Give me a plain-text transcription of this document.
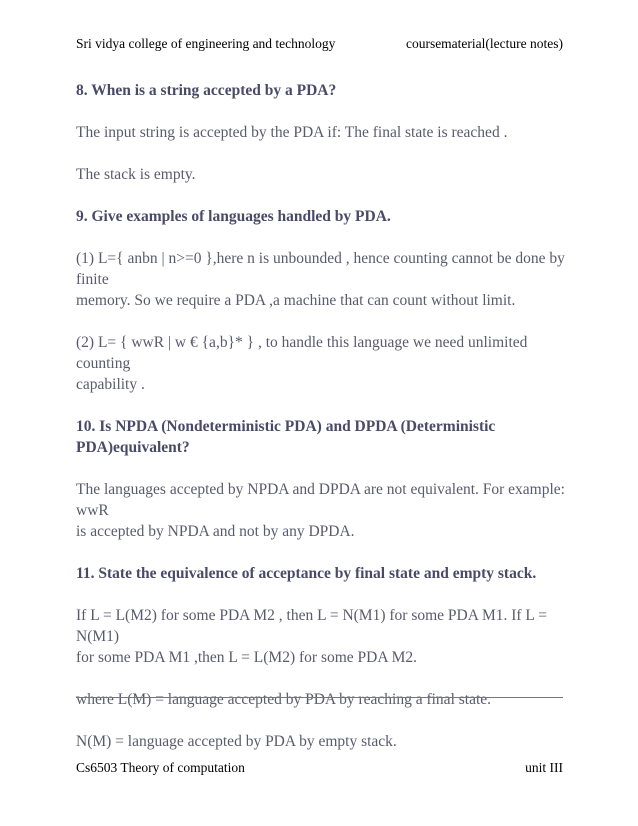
Sri vidya college of engineering and technology	coursematerial(lecture notes)

8. When is a string accepted by a PDA?

The input string is accepted by the PDA if: The final state is reached .

The stack is empty.

9. Give examples of languages handled by PDA.

(1) L={ anbn | n>=0 },here n is unbounded , hence counting cannot be done by finite

memory. So we require a PDA ,a machine that can count without limit.

(2) L= { wwR | w € {a,b}* } , to handle this language we need unlimited counting

capability .

10. Is NPDA (Nondeterministic PDA) and DPDA (Deterministic

PDA)equivalent?

The languages accepted by NPDA and DPDA are not equivalent. For example: wwR

is accepted by NPDA and not by any DPDA.

11. State the equivalence of acceptance by final state and empty stack.

If L = L(M2) for some PDA M2 , then L = N(M1) for some PDA M1. If L = N(M1)

for some PDA M1 ,then L = L(M2) for some PDA M2.

where L(M) = language accepted by PDA by reaching a final state.

N(M) = language accepted by PDA by empty stack.

Cs6503 Theory of computation	unit III
